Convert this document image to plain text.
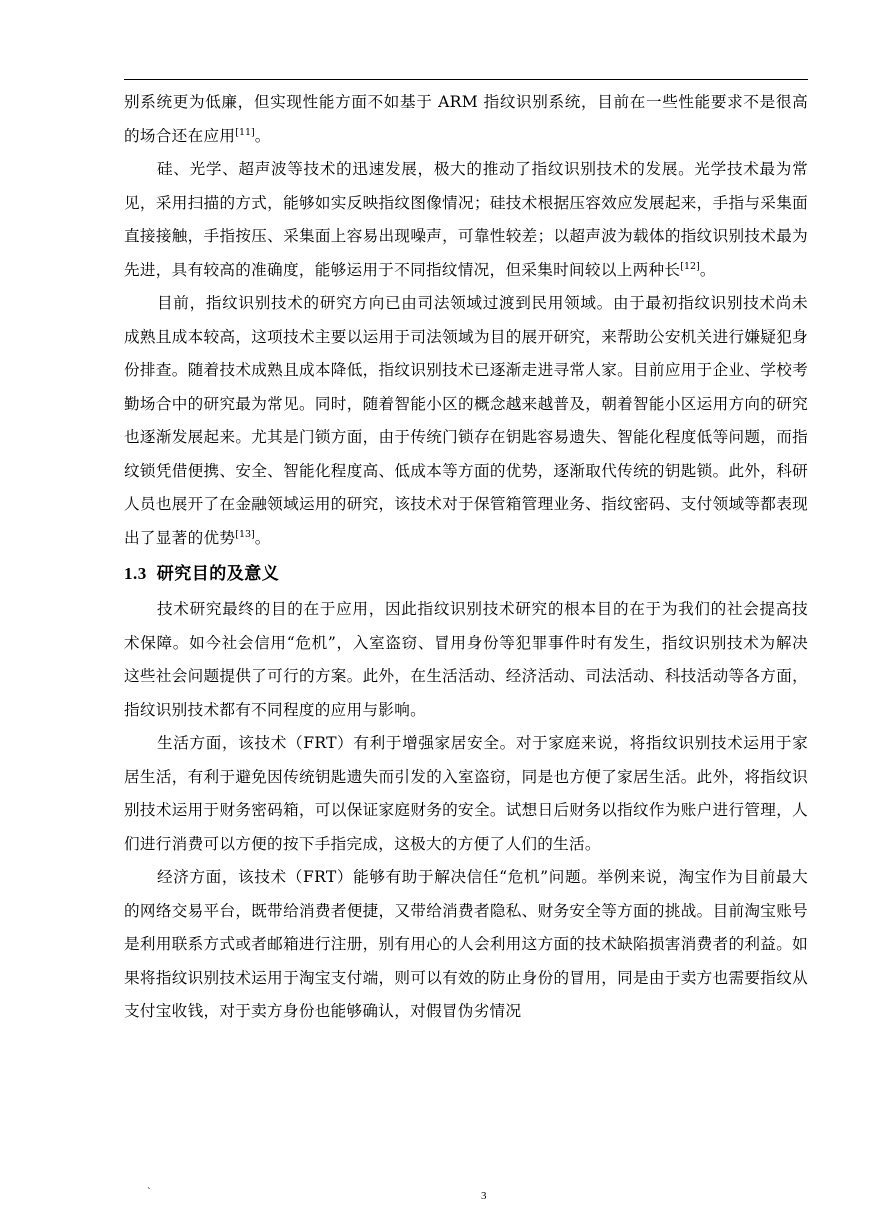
别系统更为低廉，但实现性能方面不如基于 ARM 指纹识别系统，目前在一些性能要求不是很高的场合还在应用[11]。

硅、光学、超声波等技术的迅速发展，极大的推动了指纹识别技术的发展。光学技术最为常见，采用扫描的方式，能够如实反映指纹图像情况；硅技术根据压容效应发展起来，手指与采集面直接接触，手指按压、采集面上容易出现噪声，可靠性较差；以超声波为载体的指纹识别技术最为先进，具有较高的准确度，能够运用于不同指纹情况，但采集时间较以上两种长[12]。

目前，指纹识别技术的研究方向已由司法领域过渡到民用领域。由于最初指纹识别技术尚未成熟且成本较高，这项技术主要以运用于司法领域为目的展开研究，来帮助公安机关进行嫌疑犯身份排查。随着技术成熟且成本降低，指纹识别技术已逐渐走进寻常人家。目前应用于企业、学校考勤场合中的研究最为常见。同时，随着智能小区的概念越来越普及，朝着智能小区运用方向的研究也逐渐发展起来。尤其是门锁方面，由于传统门锁存在钥匙容易遗失、智能化程度低等问题，而指纹锁凭借便携、安全、智能化程度高、低成本等方面的优势，逐渐取代传统的钥匙锁。此外，科研人员也展开了在金融领域运用的研究，该技术对于保管箱管理业务、指纹密码、支付领域等都表现出了显著的优势[13]。

1.3 研究目的及意义

技术研究最终的目的在于应用，因此指纹识别技术研究的根本目的在于为我们的社会提高技术保障。如今社会信用“危机”，入室盗窃、冒用身份等犯罪事件时有发生，指纹识别技术为解决这些社会问题提供了可行的方案。此外，在生活活动、经济活动、司法活动、科技活动等各方面，指纹识别技术都有不同程度的应用与影响。

生活方面，该技术（FRT）有利于增强家居安全。对于家庭来说，将指纹识别技术运用于家居生活，有利于避免因传统钥匙遗失而引发的入室盗窃，同是也方便了家居生活。此外，将指纹识别技术运用于财务密码箱，可以保证家庭财务的安全。试想日后财务以指纹作为账户进行管理，人们进行消费可以方便的按下手指完成，这极大的方便了人们的生活。

经济方面，该技术（FRT）能够有助于解决信任“危机”问题。举例来说，淘宝作为目前最大的网络交易平台，既带给消费者便捷，又带给消费者隐私、财务安全等方面的挑战。目前淘宝账号是利用联系方式或者邮箱进行注册，别有用心的人会利用这方面的技术缺陷损害消费者的利益。如果将指纹识别技术运用于淘宝支付端，则可以有效的防止身份的冒用，同是由于卖方也需要指纹从支付宝收钱，对于卖方身份也能够确认，对假冒伪劣情况

`	3
